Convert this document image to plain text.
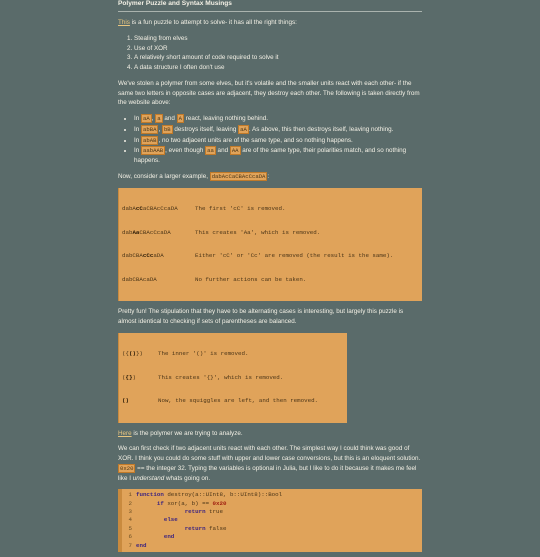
Polymer Puzzle and Syntax Musings

This is a fun puzzle to attempt to solve- it has all the right things:

1. Stealing from elves
2. Use of XOR
3. A relatively short amount of code required to solve it
4. A data structure I often don't use

We've stolen a polymer from some elves, but it's volatile and the smaller units react with each other- if the same two letters in opposite cases are adjacent, they destroy each other. The following is taken directly from the website above:

• In aA , a and A react, leaving nothing behind.
• In abBA , bB destroys itself, leaving aA . As above, this then destroys itself, leaving nothing.
• In abAB , no two adjacent units are of the same type, and so nothing happens.
• In aabAAB , even though aa and AA are of the same type, their polarities match, and so nothing happens.

Now, consider a larger example, dabAcCaCBAcCcaDA :

dabAcCaCBAcCcaDA	The first 'cC' is removed.

dabAaCBAcCcaDA	This creates 'Aa', which is removed.

dabCBAcCcaDA	Either 'cC' or 'Cc' are removed (the result is the same).

dabCBAcaDA	No further actions can be taken.

Pretty fun! The stipulation that they have to be alternating cases is interesting, but largely this puzzle is almost identical to checking if sets of parentheses are balanced.

({()})	The inner '()' is removed.

({})	This creates '{}', which is removed.

()	Now, the squiggles are left, and then removed.

Here is the polymer we are trying to analyze.

We can first check if two adjacent units react with each other. The simplest way I could think was good of XOR. I think you could do some stuff with upper and lower case conversions, but this is an eloquent solution. 0x20 == the integer 32. Typing the variables is optional in Julia, but I like to do it because it makes me feel like I understand whats going on.

1 function destroy(a::UInt8, b::UInt8)::Bool
2	if xor(a, b) == 0x20
3	return true
4	else
5	return false
6	end
7 end
